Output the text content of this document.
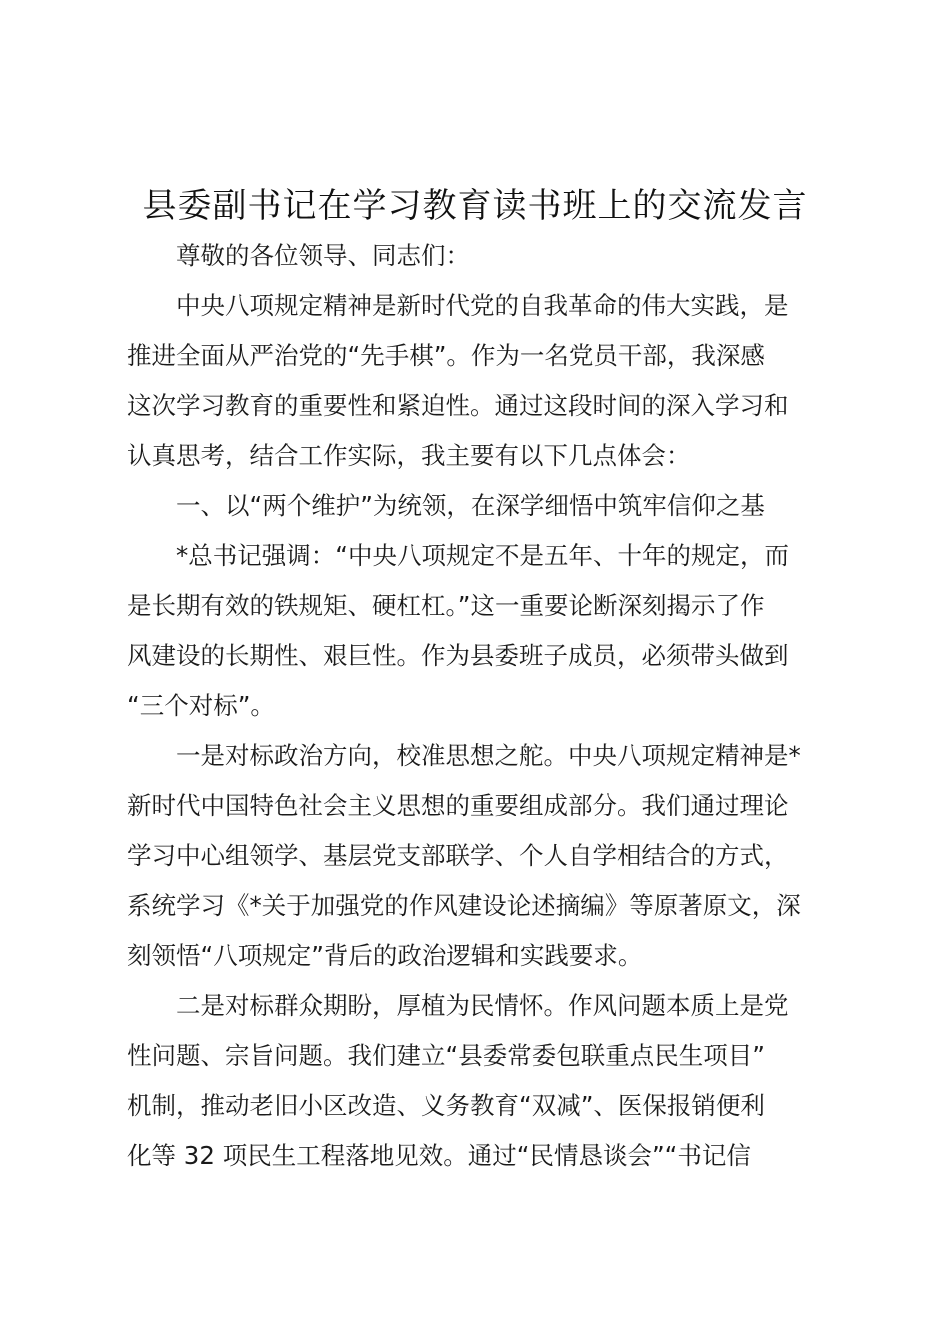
县委副书记在学习教育读书班上的交流发言
尊敬的各位领导、同志们：
中央八项规定精神是新时代党的自我革命的伟大实践，是
推进全面从严治党的“先手棋”。作为一名党员干部，我深感
这次学习教育的重要性和紧迫性。通过这段时间的深入学习和
认真思考，结合工作实际，我主要有以下几点体会：
一、以“两个维护”为统领，在深学细悟中筑牢信仰之基
*总书记强调：“中央八项规定不是五年、十年的规定，而
是长期有效的铁规矩、硬杠杠。”这一重要论断深刻揭示了作
风建设的长期性、艰巨性。作为县委班子成员，必须带头做到
“三个对标”。
一是对标政治方向，校准思想之舵。中央八项规定精神是*
新时代中国特色社会主义思想的重要组成部分。我们通过理论
学习中心组领学、基层党支部联学、个人自学相结合的方式，
系统学习《*关于加强党的作风建设论述摘编》等原著原文，深
刻领悟“八项规定”背后的政治逻辑和实践要求。
二是对标群众期盼，厚植为民情怀。作风问题本质上是党
性问题、宗旨问题。我们建立“县委常委包联重点民生项目”
机制，推动老旧小区改造、义务教育“双减”、医保报销便利
化等 32 项民生工程落地见效。通过“民情恳谈会”“书记信
